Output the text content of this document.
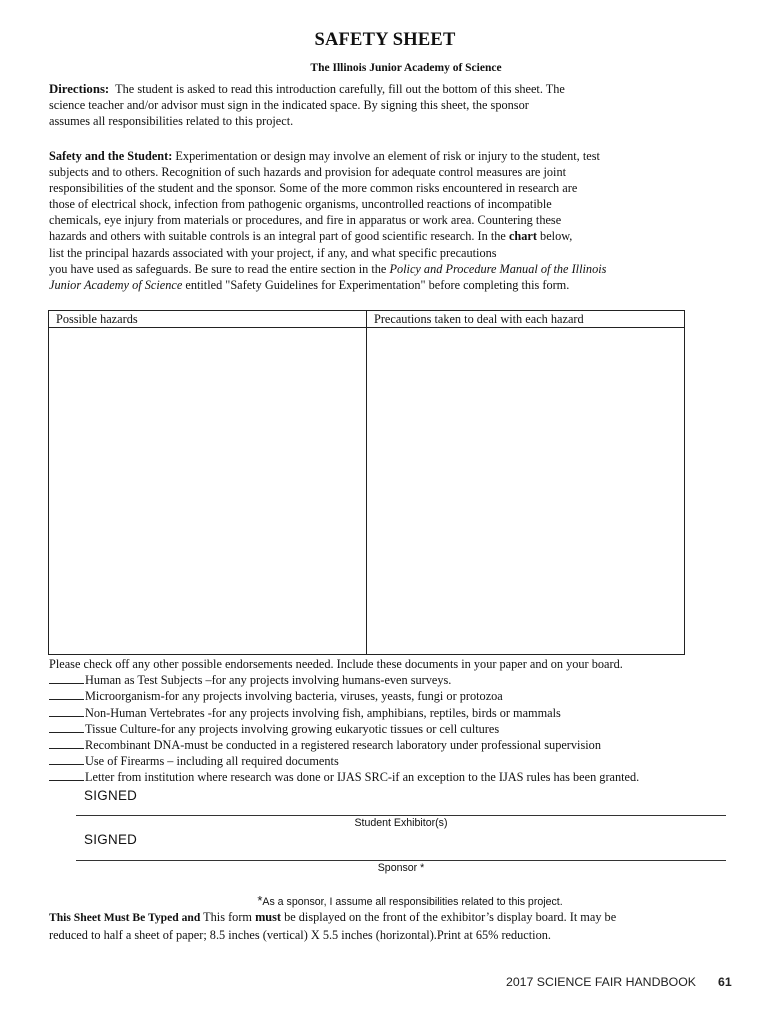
SAFETY SHEET
The Illinois Junior Academy of Science
Directions: The student is asked to read this introduction carefully, fill out the bottom of this sheet. The
science teacher and/or advisor must sign in the indicated space. By signing this sheet, the sponsor
assumes all responsibilities related to this project.
Safety and the Student: Experimentation or design may involve an element of risk or injury to the student, test
subjects and to others. Recognition of such hazards and provision for adequate control measures are joint
responsibilities of the student and the sponsor. Some of the more common risks encountered in research are
those of electrical shock, infection from pathogenic organisms, uncontrolled reactions of incompatible
chemicals, eye injury from materials or procedures, and fire in apparatus or work area. Countering these
hazards and others with suitable controls is an integral part of good scientific research. In the chart below,
list the principal hazards associated with your project, if any, and what specific precautions
you have used as safeguards. Be sure to read the entire section in the Policy and Procedure Manual of the Illinois
Junior Academy of Science entitled "Safety Guidelines for Experimentation" before completing this form.
Possible hazards	Precautions taken to deal with each hazard
Please check off any other possible endorsements needed. Include these documents in your paper and on your board.
Human as Test Subjects –for any projects involving humans-even surveys.
Microorganism-for any projects involving bacteria, viruses, yeasts, fungi or protozoa
Non-Human Vertebrates -for any projects involving fish, amphibians, reptiles, birds or mammals
Tissue Culture-for any projects involving growing eukaryotic tissues or cell cultures
Recombinant DNA-must be conducted in a registered research laboratory under professional supervision
Use of Firearms – including all required documents
Letter from institution where research was done or IJAS SRC-if an exception to the IJAS rules has been granted.
SIGNED
Student Exhibitor(s)
SIGNED
Sponsor *
*As a sponsor, I assume all responsibilities related to this project.
This Sheet Must Be Typed and This form must be displayed on the front of the exhibitor’s display board. It may be
reduced to half a sheet of paper; 8.5 inches (vertical) X 5.5 inches (horizontal).Print at 65% reduction.
2017 SCIENCE FAIR HANDBOOK 61
